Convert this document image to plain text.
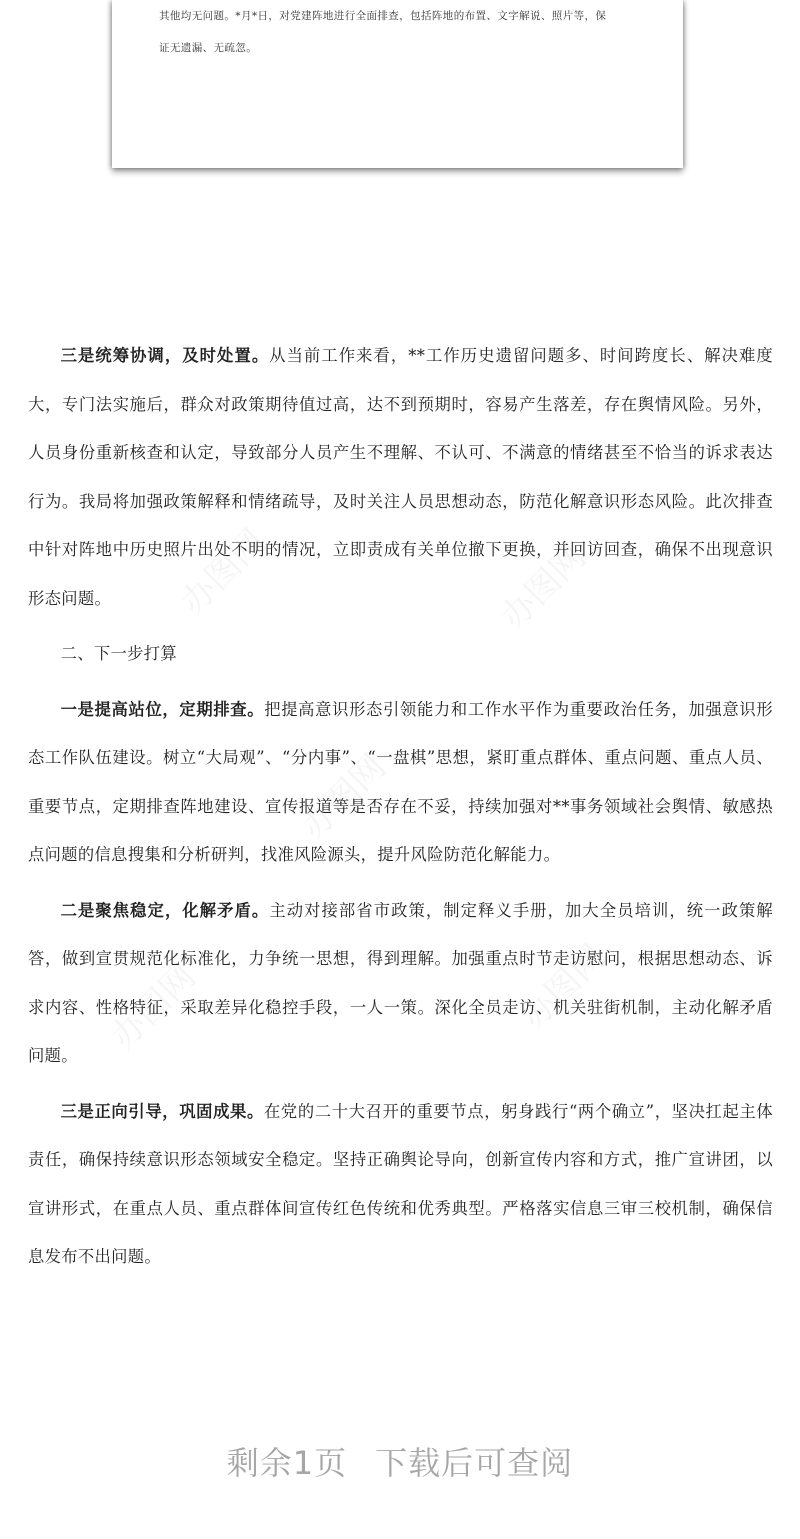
其他均无问题。*月*日，对党建阵地进行全面排查，包括阵地的布置、文字解说、照片等，保
证无遗漏、无疏忽。

三是统筹协调，及时处置。从当前工作来看，**工作历史遗留问题多、时间跨度长、解决难度大，专门法实施后，群众对政策期待值过高，达不到预期时，容易产生落差，存在舆情风险。另外，人员身份重新核查和认定，导致部分人员产生不理解、不认可、不满意的情绪甚至不恰当的诉求表达行为。我局将加强政策解释和情绪疏导，及时关注人员思想动态，防范化解意识形态风险。此次排查中针对阵地中历史照片出处不明的情况，立即责成有关单位撤下更换，并回访回查，确保不出现意识形态问题。

二、下一步打算

一是提高站位，定期排查。把提高意识形态引领能力和工作水平作为重要政治任务，加强意识形态工作队伍建设。树立“大局观”、“分内事”、“一盘棋”思想，紧盯重点群体、重点问题、重点人员、重要节点，定期排查阵地建设、宣传报道等是否存在不妥，持续加强对**事务领域社会舆情、敏感热点问题的信息搜集和分析研判，找准风险源头，提升风险防范化解能力。

二是聚焦稳定，化解矛盾。主动对接部省市政策，制定释义手册，加大全员培训，统一政策解答，做到宣贯规范化标准化，力争统一思想，得到理解。加强重点时节走访慰问，根据思想动态、诉求内容、性格特征，采取差异化稳控手段，一人一策。深化全员走访、机关驻街机制，主动化解矛盾问题。

三是正向引导，巩固成果。在党的二十大召开的重要节点，躬身践行“两个确立”，坚决扛起主体责任，确保持续意识形态领域安全稳定。坚持正确舆论导向，创新宣传内容和方式，推广宣讲团，以宣讲形式，在重点人员、重点群体间宣传红色传统和优秀典型。严格落实信息三审三校机制，确保信息发布不出问题。

剩余1页 下载后可查阅
